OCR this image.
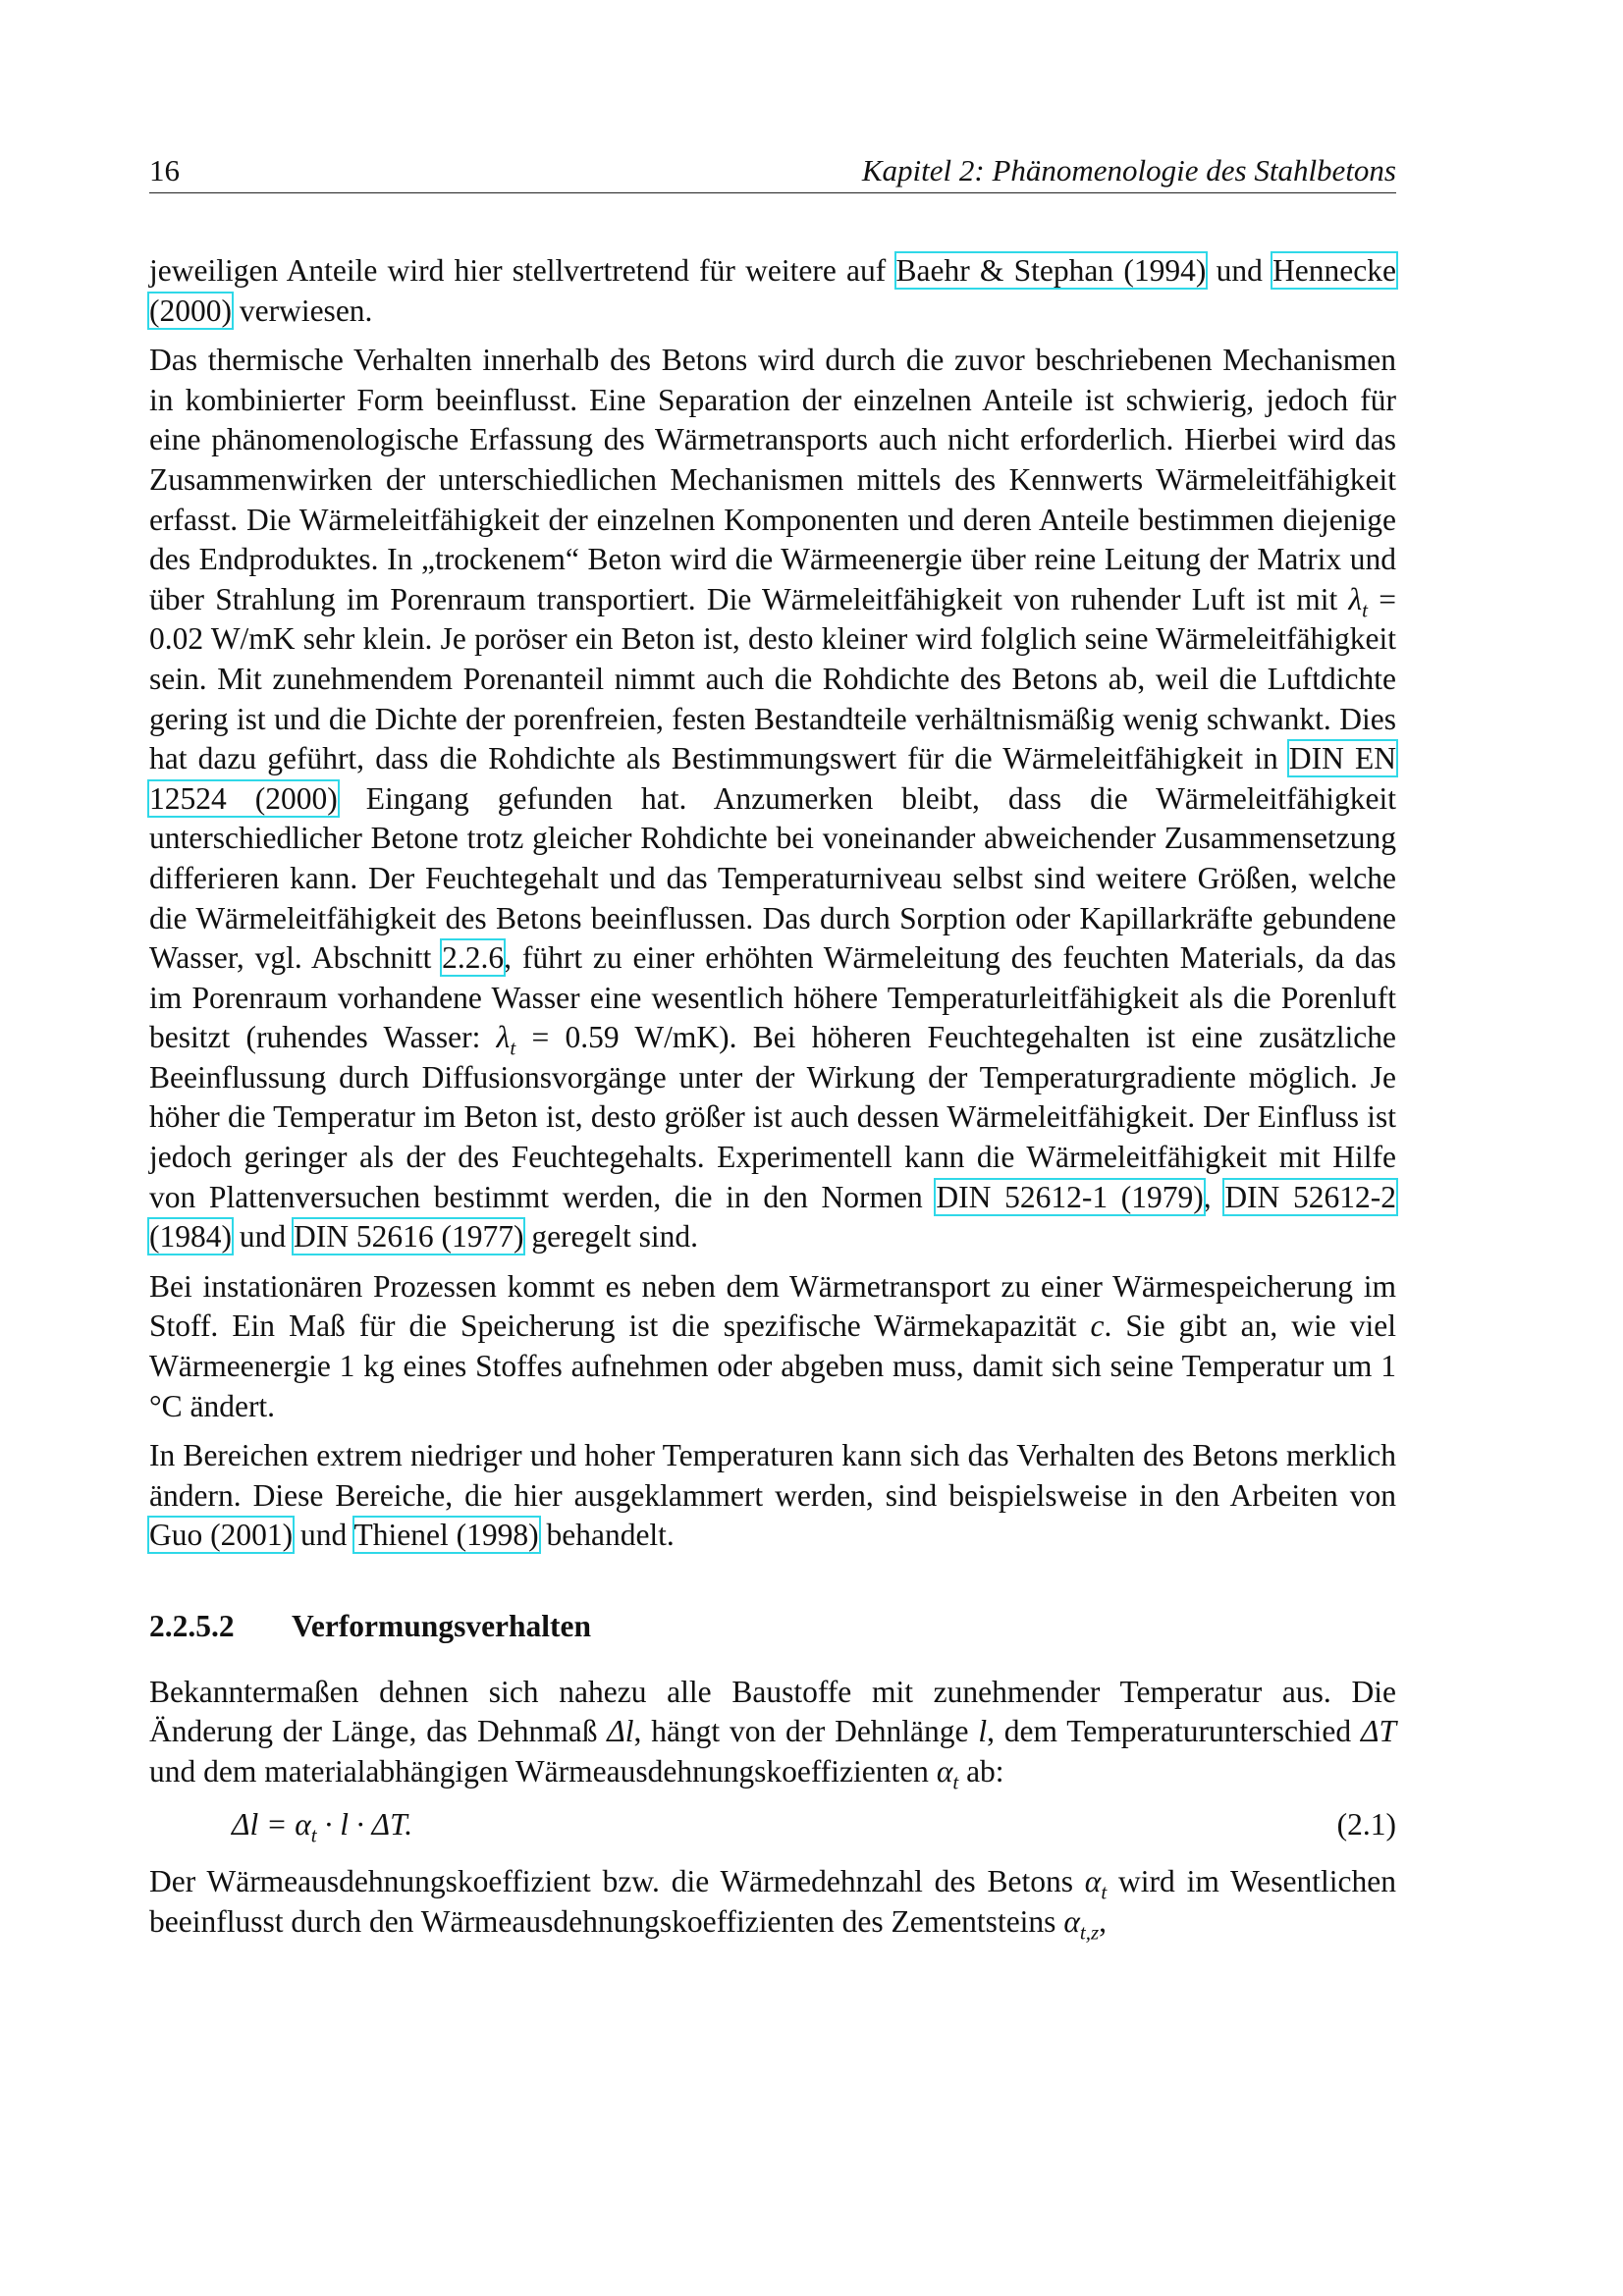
16	Kapitel 2: Phänomenologie des Stahlbetons

jeweiligen Anteile wird hier stellvertretend für weitere auf Baehr & Stephan (1994) und Hennecke (2000) verwiesen.

Das thermische Verhalten innerhalb des Betons wird durch die zuvor beschriebenen Mechanismen in kombinierter Form beeinflusst. Eine Separation der einzelnen Anteile ist schwierig, jedoch für eine phänomenologische Erfassung des Wärmetransports auch nicht erforderlich. Hierbei wird das Zusammenwirken der unterschiedlichen Mechanismen mittels des Kennwerts Wärmeleitfähigkeit erfasst. Die Wärmeleitfähigkeit der einzelnen Komponenten und deren Anteile bestimmen diejenige des Endproduktes. In „trockenem“ Beton wird die Wärmeenergie über reine Leitung der Matrix und über Strahlung im Porenraum transportiert. Die Wärmeleitfähigkeit von ruhender Luft ist mit $\lambda_t = 0.02$ W/mK sehr klein. Je poröser ein Beton ist, desto kleiner wird folglich seine Wärmeleitfähigkeit sein. Mit zunehmendem Porenanteil nimmt auch die Rohdichte des Betons ab, weil die Luftdichte gering ist und die Dichte der porenfreien, festen Bestandteile verhältnismäßig wenig schwankt. Dies hat dazu geführt, dass die Rohdichte als Bestimmungswert für die Wärmeleitfähigkeit in DIN EN 12524 (2000) Eingang gefunden hat. Anzumerken bleibt, dass die Wärmeleitfähigkeit unterschiedlicher Betone trotz gleicher Rohdichte bei voneinander abweichender Zusammensetzung differieren kann. Der Feuchtegehalt und das Temperaturniveau selbst sind weitere Größen, welche die Wärmeleitfähigkeit des Betons beeinflussen. Das durch Sorption oder Kapillarkräfte gebundene Wasser, vgl. Abschnitt 2.2.6, führt zu einer erhöhten Wärmeleitung des feuchten Materials, da das im Porenraum vorhandene Wasser eine wesentlich höhere Temperaturleitfähigkeit als die Porenluft besitzt (ruhendes Wasser: $\lambda_t = 0.59$ W/mK). Bei höheren Feuchtegehalten ist eine zusätzliche Beeinflussung durch Diffusionsvorgänge unter der Wirkung der Temperaturgradiente möglich. Je höher die Temperatur im Beton ist, desto größer ist auch dessen Wärmeleitfähigkeit. Der Einfluss ist jedoch geringer als der des Feuchtegehalts. Experimentell kann die Wärmeleitfähigkeit mit Hilfe von Plattenversuchen bestimmt werden, die in den Normen DIN 52612-1 (1979), DIN 52612-2 (1984) und DIN 52616 (1977) geregelt sind.

Bei instationären Prozessen kommt es neben dem Wärmetransport zu einer Wärmespeicherung im Stoff. Ein Maß für die Speicherung ist die spezifische Wärmekapazität c. Sie gibt an, wie viel Wärmeenergie 1 kg eines Stoffes aufnehmen oder abgeben muss, damit sich seine Temperatur um 1 °C ändert.

In Bereichen extrem niedriger und hoher Temperaturen kann sich das Verhalten des Betons merklich ändern. Diese Bereiche, die hier ausgeklammert werden, sind beispielsweise in den Arbeiten von Guo (2001) und Thienel (1998) behandelt.

2.2.5.2 Verformungsverhalten

Bekanntermaßen dehnen sich nahezu alle Baustoffe mit zunehmender Temperatur aus. Die Änderung der Länge, das Dehnmaß Δl, hängt von der Dehnlänge l, dem Temperaturunterschied ΔT und dem materialabhängigen Wärmeausdehnungskoeffizienten $\alpha_t$ ab:

$\Delta l = \alpha_t \cdot l \cdot \Delta T$.	(2.1)

Der Wärmeausdehnungskoeffizient bzw. die Wärmedehnzahl des Betons $\alpha_t$ wird im Wesentlichen beeinflusst durch den Wärmeausdehnungskoeffizienten des Zementsteins $\alpha_{t,z}$,
